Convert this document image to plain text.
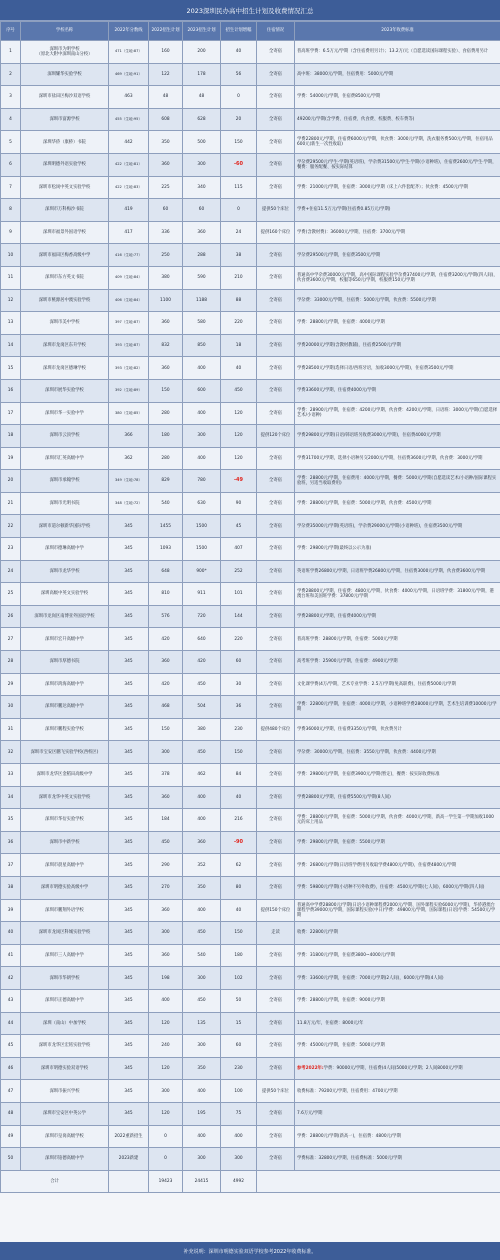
2023深圳民办高中招生计划及收费情况汇总
序号	学校名称	2022年分数线	2022招生计划	2023招生计划	招生计划增幅	住宿情况	2023年收费标准
1	深圳市为明学校
（原北大附中深圳南山分校）	471（生地:87）	160	200	40	全寄宿	普高班学费：6.5万元/学期（含住宿费用另计）；13.2万/元（自愿选读国际课程实验）、食宿费用另计
2	深圳耀华实验学校	469（生地:91）	122	178	56	全寄宿	高中班：38000元/学期，住宿费用：5000元/学期
3	深圳市盐田区梅沙双语学校	463	48	48	0	全寄宿	学费：54000元/学期，住宿费8500元/学期
4	深圳市富源学校	455（生地:95）	608	628	20	全寄宿	49200元/学期(含学费、住宿费、伙食费、校服费、校车费等)
5	深圳华侨（康桥）书院	442	350	500	150	全寄宿	学费22800元/学期，住宿费6000元/学期，伙食费：3000元/学期，洗衣服务费500元/学期，住宿用品600元(新生一次性收取)
6	深圳明德外语实验学校	422（生地:81）	360	300	-60	全寄宿	学杂费29500元/学生·学期(英语班)，学杂费31500元/学生·学期(小语种班)，住宿费2600元/学生·学期，餐费：服务配餐、按实际结算
7	深圳市松岗中英文实验学校	422（生地:83）	225	340	115	全寄宿	学费：21000元/学期，住宿费：3000元/学期（床上六件套配齐）；伙食费：4500元/学期
8	深圳市万科梅沙书院	419	60	60	0	提供50个床位	学费+住宿11.5万元/学期(住宿费0.85万元/学期)
9	深圳市福景外国语学校	417	336	360	24	提供160个床位	学费(含教材费)：36000元/学期，住宿费：3700元/学期
10	深圳市福田区梅香高级中学	416（生地:77）	250	288	38	全寄宿	学杂费29500元/学期，住宿费3500元/学期
11	深圳市东方英文书院	409（生地:84）	380	590	210	全寄宿	普通高中学杂费30000元/学期，高中国际课程实验学杂费37400元/学期，住宿费3200元/学期(四人间)，伙食费3600元/学期，校服等650元/学期，校服费150元/学期
12	深圳市桃源居中澳实验学校	406（生地:84）	1100	1188	88	全寄宿	学杂费：33000元/学期，住宿费：5000元/学期，伙食费：5500元/学期
13	深圳市美中学校	397（生地:87）	360	580	220	全寄宿	学费：28800元/学期，住宿费：4000元/学期
14	深圳市龙岗区东升学校	393（生地:87）	832	850	18	全寄宿	学费20000元/学期(含教材教辅)，住宿费2500元/学期
15	深圳市龙岗区德琳学校	393（生地:82）	360	400	40	全寄宿	学费28500元/学期(选择日语/西班牙语，加收3000元/学期)，住宿费3500元/学期
16	深圳市展华实验学校	392（生地:89）	150	600	450	全寄宿	学费33600元/学期，住宿费4000元/学期
17	深圳市华一实验中学	380（生地:85）	280	400	120	全寄宿	学费：28900元/学期，住宿费：4200元/学期，伙食费：4200元/学期，日语班：3000元/学期(自愿选择艺术/小语种)
18	深圳市云顶学校	366	180	300	120	提供120个床位	学费29800元/学期(日语/韩语班另收费3000元/学期)，住宿费4000元/学期
19	深圳市汇英高级中学	362	280	400	120	全寄宿	学费31700元/学期，选择小语种另交2000元/学期，住宿费3600元/学期，伙食费：3000元/学期
20	深圳市承翰学校	349（生地:78）	829	780	-49	全寄宿	学费：28800元/学期，住宿费用：4000元/学期，餐费：5000元/学期(自愿选读艺术/小语种/国际课程实验班，另适当收取费用)
21	深圳市光明书院	348（生地:72）	540	630	90	全寄宿	学费：28800元/学期，住宿费：5000元/学期，伙食费：4500元/学期
22	深圳市道尔顿新华国际学校	345	1455	1500	45	全寄宿	学杂费35000元/学期(英语班)，学杂费29000元/学期(小语种班)，住宿费3500元/学期
23	深圳市德琳高级中学	345	1093	1500	407	全寄宿	学费：29800元/学期(最终以公示为准)
24	深圳市龙华学校	345	648	900*	252	全寄宿	英语班学费26800元/学期，日语班学费26800元/学期，住宿费3000元/学期，伙食费3600元/学期
25	深圳高级中英文实验学校	345	810	911	101	全寄宿	学费28800元/学期，住宿费：4800元/学期，伙食费：4000元/学期，日语班学费：31800元/学期，港澳台班和美国班学费：37800元/学期
26	深圳市龙岗区南博亚外国语学校	345	576	720	144	全寄宿	学费28800元/学期，住宿费4000元/学期
27	深圳市宏升高级中学	345	420	640	220	全寄宿	普高班学费：28800元/学期，住宿费：5000元/学期
28	深圳市厚德书院	345	360	420	60	全寄宿	高考班学费：25900元/学期，住宿费：4900元/学期
29	深圳市鸿海高级中学	345	420	450	30	全寄宿	文化课学费(4万/学期，艺术专业学费：2.5万/学期(免高职费)，住宿费5000元/学期
30	深圳市鹏达高级中学	345	468	504	36	全寄宿	学费：22800元/学期，住宿费：4000元/学期，小语种班学费28000元/学期，艺术生培训费10000元/学期
31	深圳市鹏程实验学校	345	150	380	230	提供480个床位	学费36000元/学期，住宿费3350元/学期，伙食费另计
32	深圳市宝安区鹏飞实验学校(西校区)	345	300	450	150	全寄宿	学杂费：30000元/学期，住宿费：3550元/学期，伙食费：4400元/学期
33	深圳市龙华区金稻田高级中学	345	378	462	84	全寄宿	学费：29800元/学期，住宿费3900元/学期(暂定)，餐费：按实际收费标准
34	深圳市龙华中英文实验学校	345	360	400	40	全寄宿	学费28800元/学期，住宿费5500元/学期(8人间)
35	深圳市华衍实验学校	345	184	400	216	全寄宿	学费：28800元/学期，住宿费：5000元/学期，伙食费：4000元/学期，新高一学生第一学期加收1000元的床上用品
36	深圳市中新学校	345	450	360	-90	全寄宿	学费：29800元/学期，住宿费：5500元/学期
37	深圳市晨星高级中学	345	290	352	62	全寄宿	学费：26800元/学期(日语班学费用另收取学费4800元/学期)，住宿费4800元/学期
38	深圳市明德实验高级中学	345	270	350	80	全寄宿	学费：59800元/学期(小语种不另外收费)，住宿费：4500元/学期(七人间)，6000元/学期(四人间)
39	深圳市鹏翔外语学校	345	360	400	40	提供150个床位	普通高中学费28800元/学期(日语小语种课程费2000元/学期、国外课程实验6000元/学期)，华侨港澳台课程学费39000元/学期，国际课程实验(中日)学费：49800元/学期，国际课程(日语)学费：54500元/学期
40	深圳市龙岗区科城实验学校	345	300	450	150	走读	收费：22800元/学期
41	深圳市三人高级中学	345	360	540	180	全寄宿	学费：31800元/学期，住宿费3800~4000元/学期
42	深圳市华朗学校	345	198	300	102	全寄宿	学费：33600元/学期，住宿费：7000元/学期(2人间)，6000元/学期(4人间)
43	深圳市正德高级中学	345	400	450	50	全寄宿	学费：28800元/学期，住宿费：9000元/学期
44	深圳（南山）中加学校	345	120	135	15	全寄宿	11.8万元/年，住宿费：8000元/年
45	深圳市龙华区宏铭实验学校	345	240	300	60	全寄宿	学费：45000元/学期，住宿费：5000元/学期
46	深圳市明德实验双语学校	345	120	350	230	全寄宿	参考2022年:学费：90000元/学期，住宿费(4人间)5000元/学期；2人间8000元/学期
47	深圳市振兴学校	345	300	400	100	提供50个床位	收费标准：79200元/学期，住宿费用：4700元/学期
48	深圳市宝安区中英公学	345	120	195	75	全寄宿	7.6万元/学期
49	深圳市皇岗高级学校	2022重新招生	0	400	400	全寄宿	学费：28800元/学期(新高一)，住宿费：4800元/学期
50	深圳市铂德高级中学	2023新建	0	300	300	全寄宿	学费标准：32800元/学期，住宿费标准：5000元/学期
合计			19423	24415	4992		
补充说明：深圳市明德实验双语学校参考2022年收费标准。
